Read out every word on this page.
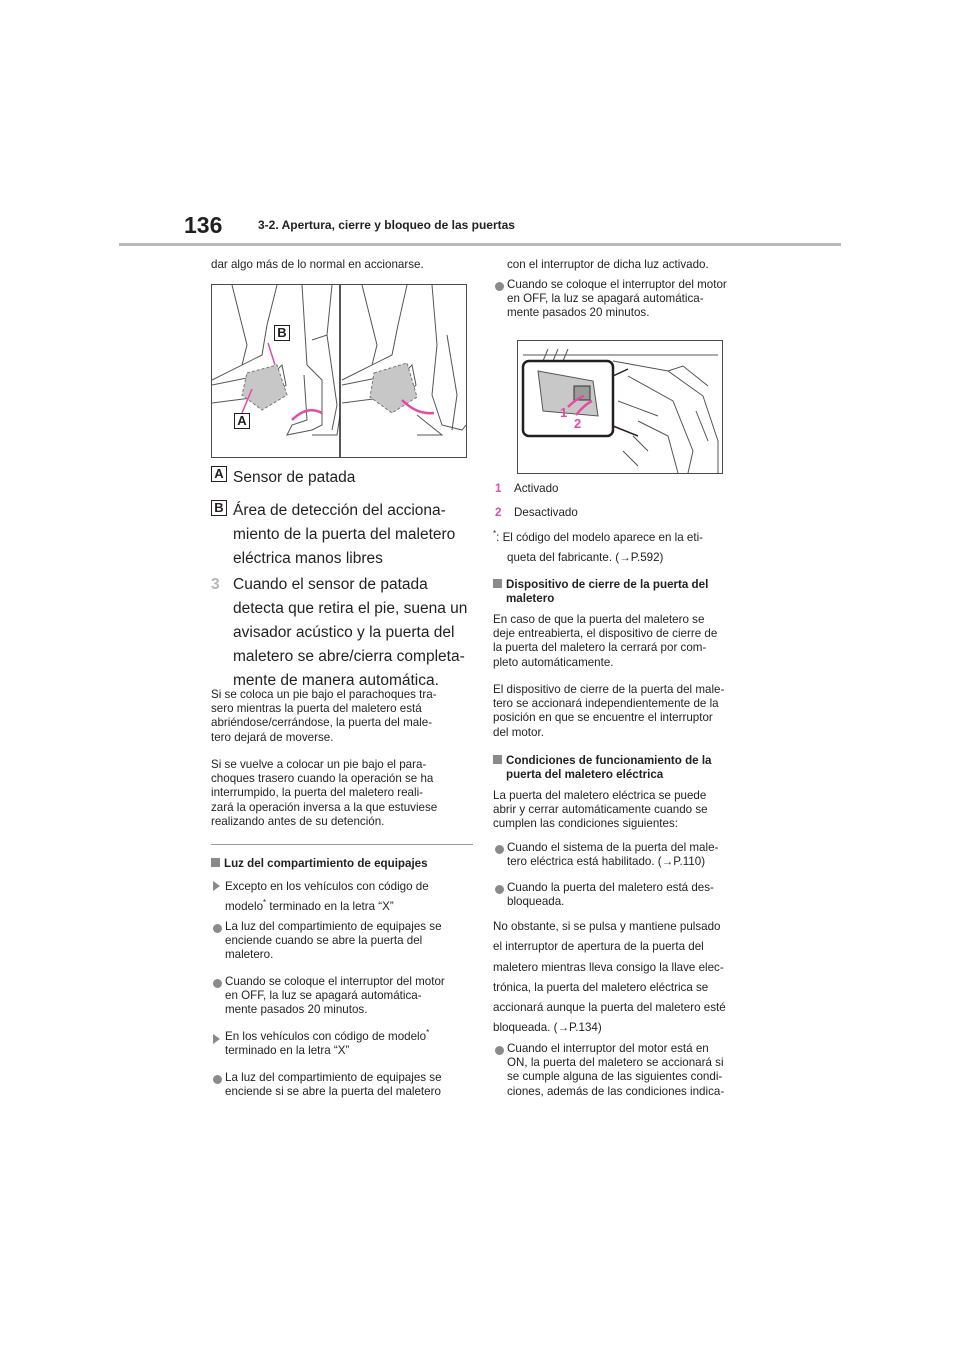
136	3-2. Apertura, cierre y bloqueo de las puertas
dar algo más de lo normal en accionarse.
B
A
A Sensor de patada
B Área de detección del acciona-
miento de la puerta del maletero
eléctrica manos libres
3 Cuando el sensor de patada
detecta que retira el pie, suena un
avisador acústico y la puerta del
maletero se abre/cierra completa-
mente de manera automática.
Si se coloca un pie bajo el parachoques tra-
sero mientras la puerta del maletero está
abriéndose/cerrándose, la puerta del male-
tero dejará de moverse.
Si se vuelve a colocar un pie bajo el para-
choques trasero cuando la operación se ha
interrumpido, la puerta del maletero reali-
zará la operación inversa a la que estuviese
realizando antes de su detención.
Luz del compartimiento de equipajes
Excepto en los vehículos con código de
modelo* terminado en la letra “X”
La luz del compartimiento de equipajes se
enciende cuando se abre la puerta del
maletero.
Cuando se coloque el interruptor del motor
en OFF, la luz se apagará automática-
mente pasados 20 minutos.
En los vehículos con código de modelo*
terminado en la letra “X”
La luz del compartimiento de equipajes se
enciende si se abre la puerta del maletero
con el interruptor de dicha luz activado.
Cuando se coloque el interruptor del motor
en OFF, la luz se apagará automática-
mente pasados 20 minutos.
1
2
1 Activado
2 Desactivado
*: El código del modelo aparece en la eti-
queta del fabricante. (→P.592)
Dispositivo de cierre de la puerta del
maletero
En caso de que la puerta del maletero se
deje entreabierta, el dispositivo de cierre de
la puerta del maletero la cerrará por com-
pleto automáticamente.
El dispositivo de cierre de la puerta del male-
tero se accionará independientemente de la
posición en que se encuentre el interruptor
del motor.
Condiciones de funcionamiento de la
puerta del maletero eléctrica
La puerta del maletero eléctrica se puede
abrir y cerrar automáticamente cuando se
cumplen las condiciones siguientes:
Cuando el sistema de la puerta del male-
tero eléctrica está habilitado. (→P.110)
Cuando la puerta del maletero está des-
bloqueada.
No obstante, si se pulsa y mantiene pulsado
el interruptor de apertura de la puerta del
maletero mientras lleva consigo la llave elec-
trónica, la puerta del maletero eléctrica se
accionará aunque la puerta del maletero esté
bloqueada. (→P.134)
Cuando el interruptor del motor está en
ON, la puerta del maletero se accionará si
se cumple alguna de las siguientes condi-
ciones, además de las condiciones indica-
